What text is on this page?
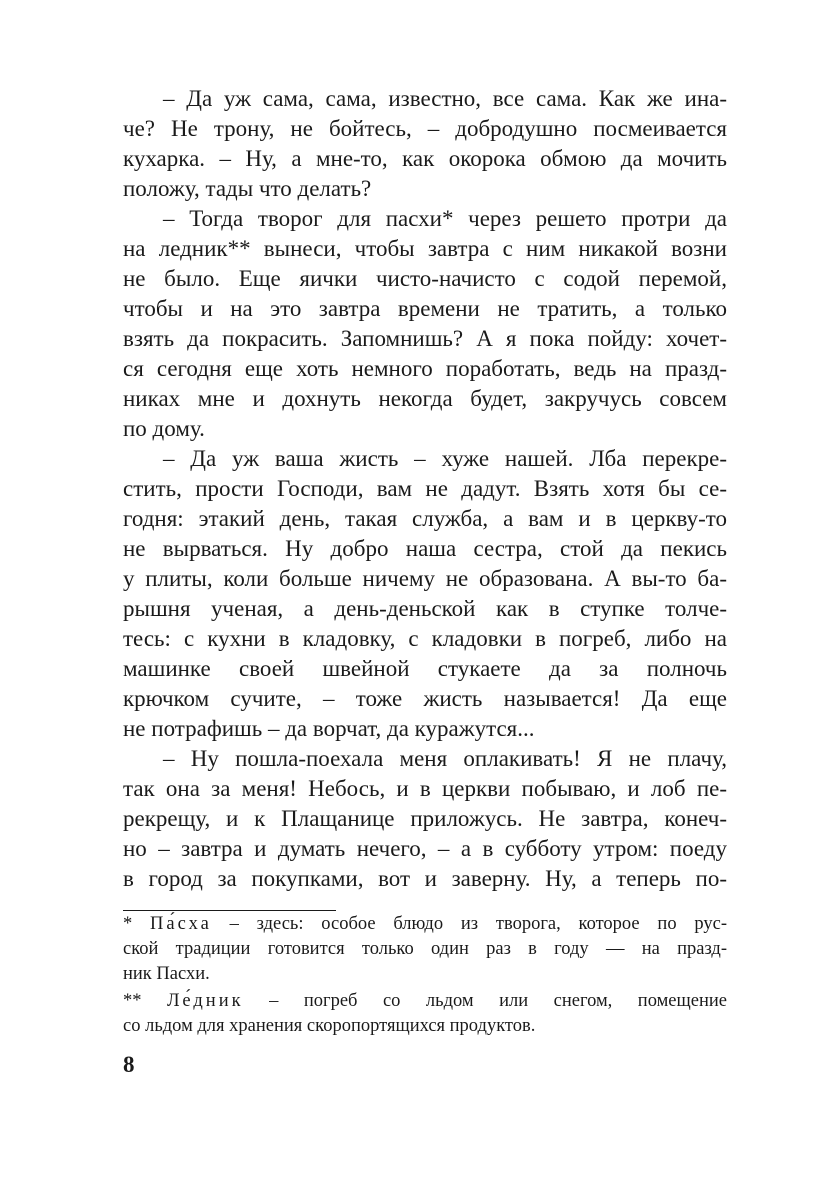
– Да уж сама, сама, известно, все сама. Как же ина-
че? Не трону, не бойтесь, – добродушно посмеивается
кухарка. – Ну, а мне-то, как окорока обмою да мочить
положу, тады что делать?
– Тогда творог для пасхи* через решето протри да
на ледник** вынеси, чтобы завтра с ним никакой возни
не было. Еще яички чисто-начисто с содой перемой,
чтобы и на это завтра времени не тратить, а только
взять да покрасить. Запомнишь? А я пока пойду: хочет-
ся сегодня еще хоть немного поработать, ведь на празд-
никах мне и дохнуть некогда будет, закручусь совсем
по дому.
– Да уж ваша жисть – хуже нашей. Лба перекре-
стить, прости Господи, вам не дадут. Взять хотя бы се-
годня: этакий день, такая служба, а вам и в церкву-то
не вырваться. Ну добро наша сестра, стой да пекись
у плиты, коли больше ничему не образована. А вы-то ба-
рышня ученая, а день-деньской как в ступке толче-
тесь: с кухни в кладовку, с кладовки в погреб, либо на
машинке своей швейной стукаете да за полночь
крючком сучите, – тоже жисть называется! Да еще
не потрафишь – да ворчат, да куражутся...
– Ну пошла-поехала меня оплакивать! Я не плачу,
так она за меня! Небось, и в церкви побываю, и лоб пе-
рекрещу, и к Плащанице приложусь. Не завтра, конеч-
но – завтра и думать нечего, – а в субботу утром: поеду
в город за покупками, вот и заверну. Ну, а теперь по-
* Па́сха – здесь: особое блюдо из творога, которое по рус-
ской традиции готовится только один раз в году — на празд-
ник Пасхи.
** Ле́дник – погреб со льдом или снегом, помещение
со льдом для хранения скоропортящихся продуктов.
8
